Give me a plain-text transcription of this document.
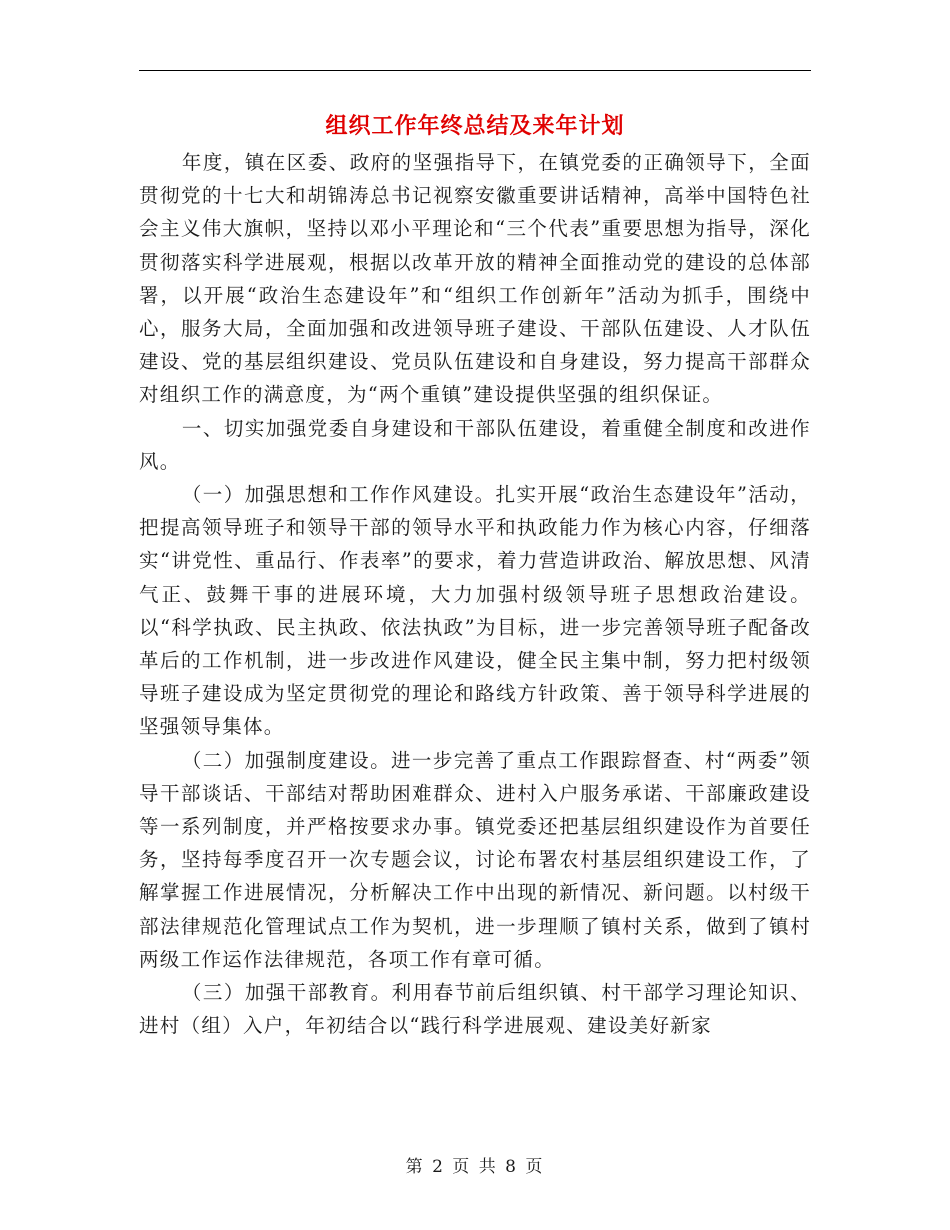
组织工作年终总结及来年计划

年度，镇在区委、政府的坚强指导下，在镇党委的正确领导下，全面贯彻党的十七大和胡锦涛总书记视察安徽重要讲话精神，高举中国特色社会主义伟大旗帜，坚持以邓小平理论和“三个代表”重要思想为指导，深化贯彻落实科学进展观，根据以改革开放的精神全面推动党的建设的总体部署，以开展“政治生态建设年”和“组织工作创新年”活动为抓手，围绕中心，服务大局，全面加强和改进领导班子建设、干部队伍建设、人才队伍建设、党的基层组织建设、党员队伍建设和自身建设，努力提高干部群众对组织工作的满意度，为“两个重镇”建设提供坚强的组织保证。

一、切实加强党委自身建设和干部队伍建设，着重健全制度和改进作风。

（一）加强思想和工作作风建设。扎实开展“政治生态建设年”活动，把提高领导班子和领导干部的领导水平和执政能力作为核心内容，仔细落实“讲党性、重品行、作表率”的要求，着力营造讲政治、解放思想、风清气正、鼓舞干事的进展环境，大力加强村级领导班子思想政治建设。以“科学执政、民主执政、依法执政”为目标，进一步完善领导班子配备改革后的工作机制，进一步改进作风建设，健全民主集中制，努力把村级领导班子建设成为坚定贯彻党的理论和路线方针政策、善于领导科学进展的坚强领导集体。

（二）加强制度建设。进一步完善了重点工作跟踪督查、村“两委”领导干部谈话、干部结对帮助困难群众、进村入户服务承诺、干部廉政建设等一系列制度，并严格按要求办事。镇党委还把基层组织建设作为首要任务，坚持每季度召开一次专题会议，讨论布署农村基层组织建设工作，了解掌握工作进展情况，分析解决工作中出现的新情况、新问题。以村级干部法律规范化管理试点工作为契机，进一步理顺了镇村关系，做到了镇村两级工作运作法律规范，各项工作有章可循。

（三）加强干部教育。利用春节前后组织镇、村干部学习理论知识、进村（组）入户，年初结合以“践行科学进展观、建设美好新家

第 2 页 共 8 页
